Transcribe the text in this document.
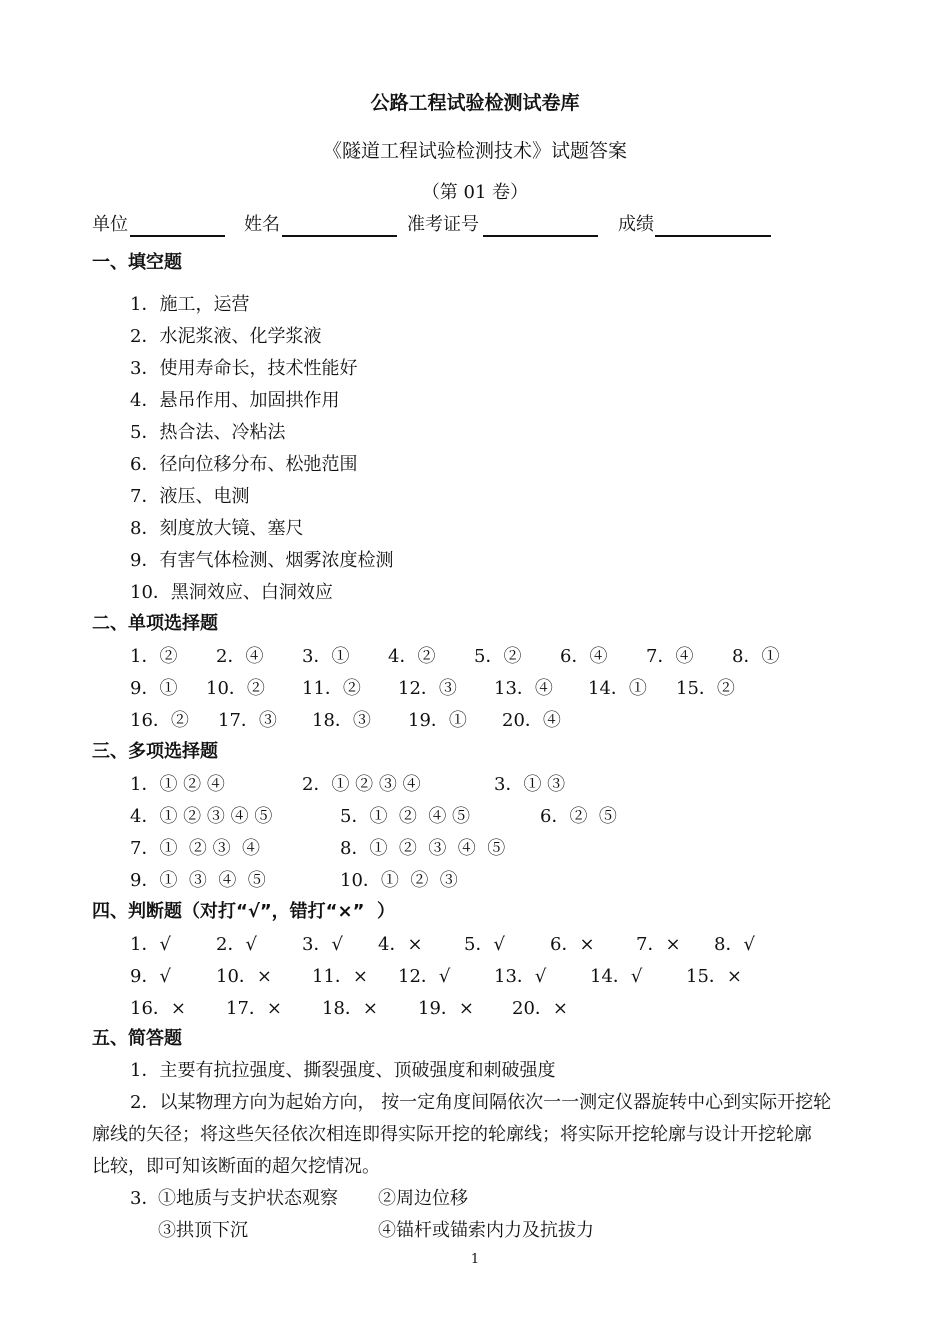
公路工程试验检测试卷库
《隧道工程试验检测技术》试题答案
（第 01 卷）
单位	姓名	准考证号	成绩
一、填空题
1．施工，运营
2．水泥浆液、化学浆液
3．使用寿命长，技术性能好
4．悬吊作用、加固拱作用
5．热合法、冷粘法
6．径向位移分布、松弛范围
7．液压、电测
8．刻度放大镜、塞尺
9．有害气体检测、烟雾浓度检测
10．黑洞效应、白洞效应
二、单项选择题
1．② 2．④ 3．① 4．② 5．② 6．④ 7．④ 8．①
9．① 10．② 11．② 12．③ 13．④ 14．① 15．②
16．② 17．③ 18．③ 19．① 20．④
三、多项选择题
1．① ② ④	2．① ② ③ ④	3．① ③
4．① ② ③ ④ ⑤	5．①  ②  ④ ⑤	6．②  ⑤
7．①  ② ③  ④	8．①  ②  ③  ④  ⑤
9．①  ③  ④  ⑤	10．①  ②  ③
四、判断题（对打“√”，错打“×”  ）
1．√	2．√	3．√ 4．× 5．√	6．× 7．× 8．√
9．√	10．× 11．× 12．√ 13．√ 14．√ 15．×
16．× 17．× 18．× 19．× 20．×
五、简答题
1．主要有抗拉强度、撕裂强度、顶破强度和刺破强度
2．以某物理方向为起始方向， 按一定角度间隔依次一一测定仪器旋转中心到实际开挖轮
廓线的矢径；将这些矢径依次相连即得实际开挖的轮廓线；将实际开挖轮廓与设计开挖轮廓
比较，即可知该断面的超欠挖情况。
3．
①地质与支护状态观察 ②周边位移
③拱顶下沉	④锚杆或锚索内力及抗拔力
1
